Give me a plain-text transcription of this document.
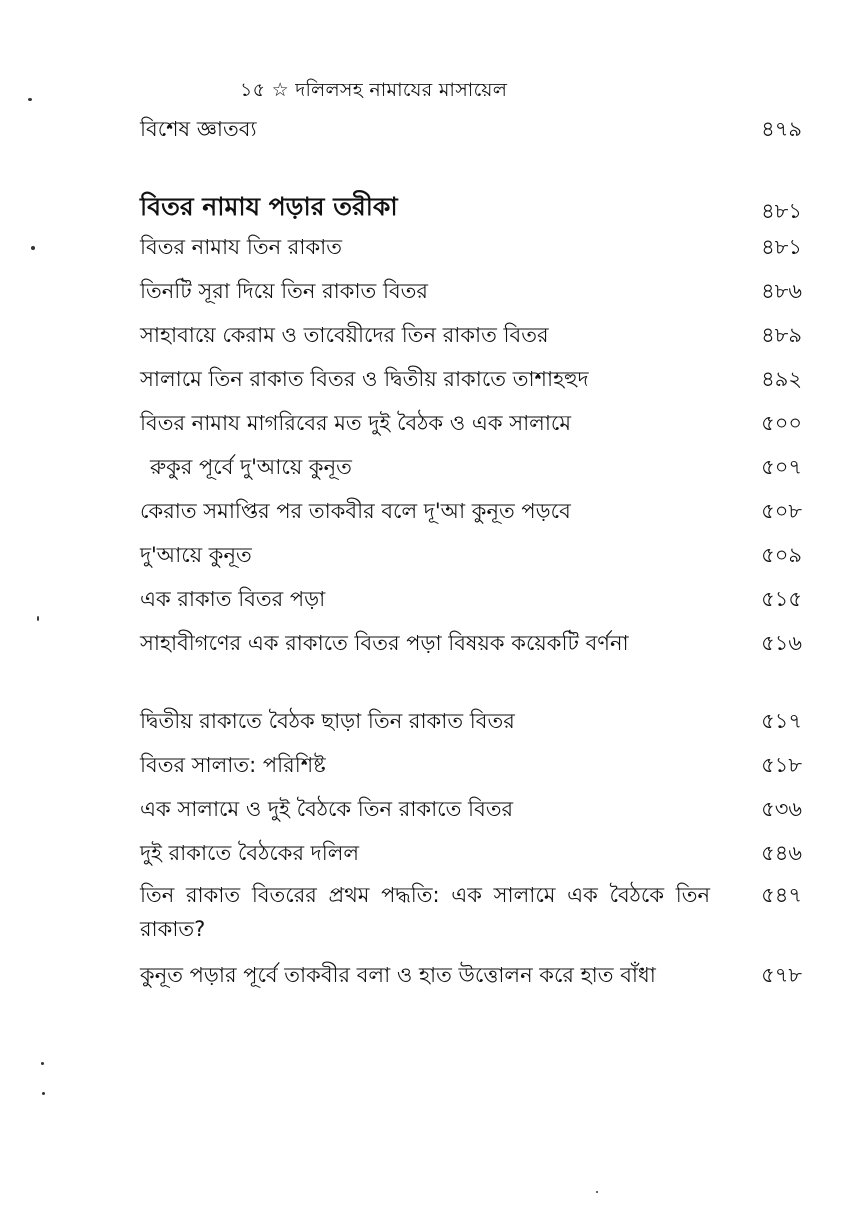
১৫ ☆ দলিলসহ নামাযের মাসায়েল
বিশেষ জ্ঞাতব্য	৪৭৯
বিতর নামায পড়ার তরীকা	৪৮১
বিতর নামায তিন রাকাত	৪৮১
তিনটি সূরা দিয়ে তিন রাকাত বিতর	৪৮৬
সাহাবায়ে কেরাম ও তাবেয়ীদের তিন রাকাত বিতর	৪৮৯
সালামে তিন রাকাত বিতর ও দ্বিতীয় রাকাতে তাশাহহুদ	৪৯২
বিতর নামায মাগরিবের মত দুই বৈঠক ও এক সালামে	৫০০
রুকুর পূর্বে দু'আয়ে কুনূত	৫০৭
কেরাত সমাপ্তির পর তাকবীর বলে দূ'আ কুনূত পড়বে	৫০৮
দু'আয়ে কুনূত	৫০৯
এক রাকাত বিতর পড়া	৫১৫
সাহাবীগণের এক রাকাতে বিতর পড়া বিষয়ক কয়েকটি বর্ণনা	৫১৬
দ্বিতীয় রাকাতে বৈঠক ছাড়া তিন রাকাত বিতর	৫১৭
বিতর সালাত: পরিশিষ্ট	৫১৮
এক সালামে ও দুই বৈঠকে তিন রাকাতে বিতর	৫৩৬
দুই রাকাতে বৈঠকের দলিল	৫৪৬
তিন রাকাত বিতরের প্রথম পদ্ধতি: এক সালামে এক বৈঠকে তিন রাকাত?
৫৪৭
কুনূত পড়ার পূর্বে তাকবীর বলা ও হাত উত্তোলন করে হাত বাঁধা	৫৭৮
